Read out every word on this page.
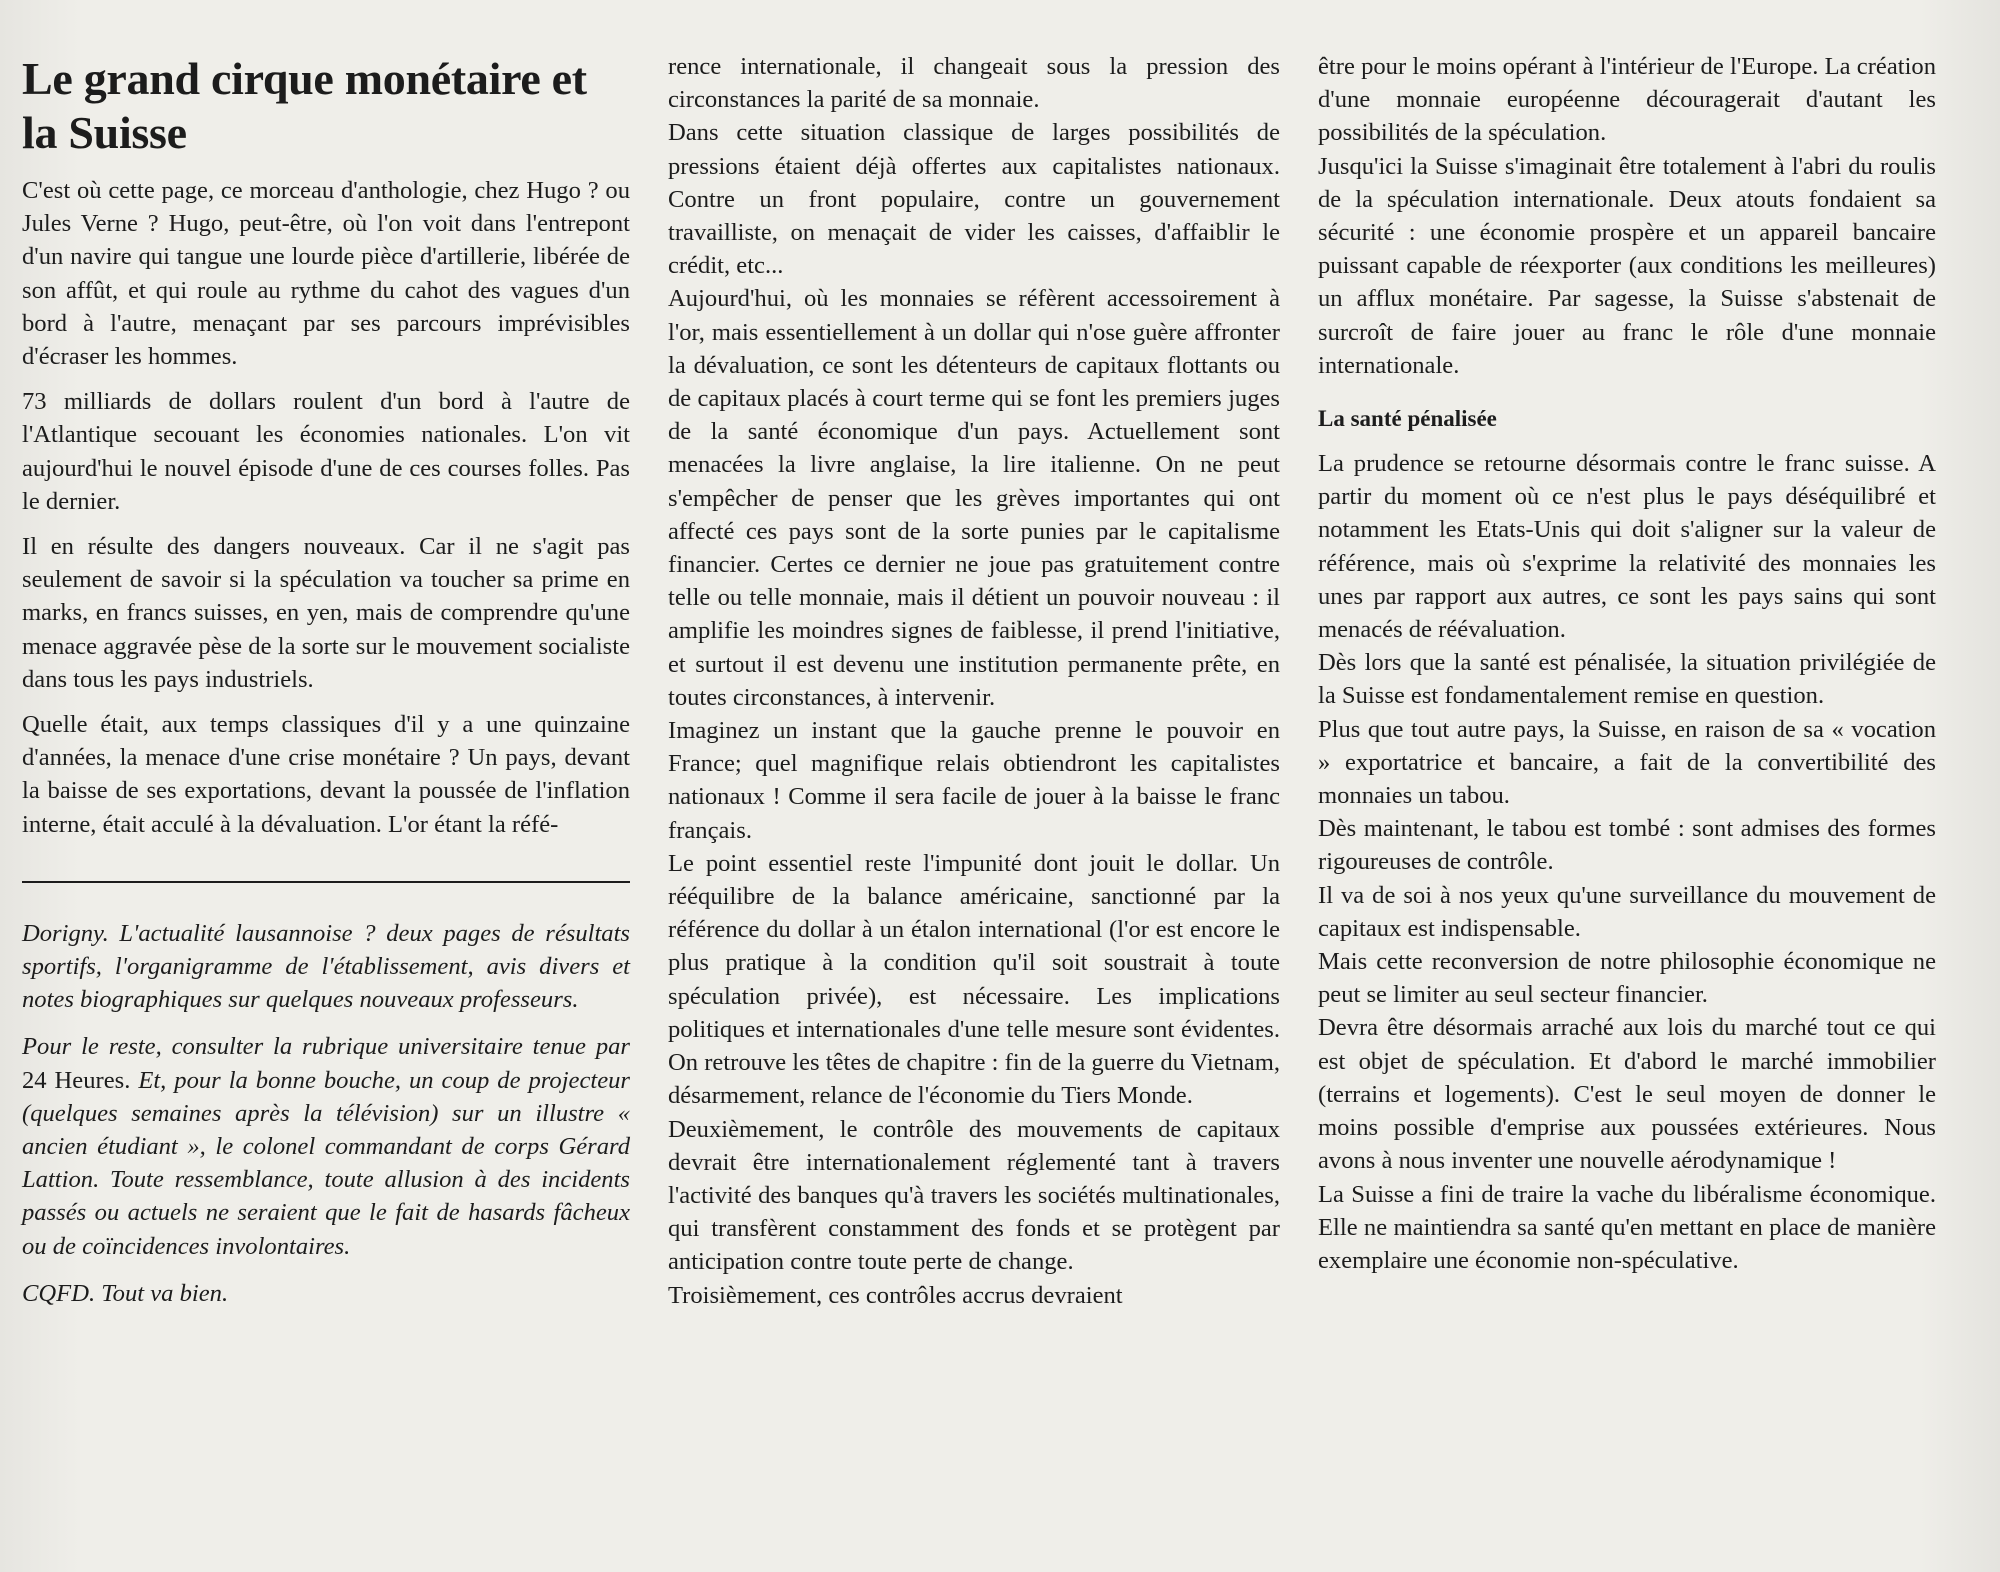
Le grand cirque monétaire et la Suisse

C'est où cette page, ce morceau d'anthologie, chez Hugo ? ou Jules Verne ? Hugo, peut-être, où l'on voit dans l'entrepont d'un navire qui tangue une lourde pièce d'artillerie, libérée de son affût, et qui roule au rythme du cahot des vagues d'un bord à l'autre, menaçant par ses parcours imprévisibles d'écraser les hommes.

73 milliards de dollars roulent d'un bord à l'autre de l'Atlantique secouant les économies nationales. L'on vit aujourd'hui le nouvel épisode d'une de ces courses folles. Pas le dernier.

Il en résulte des dangers nouveaux. Car il ne s'agit pas seulement de savoir si la spéculation va toucher sa prime en marks, en francs suisses, en yen, mais de comprendre qu'une menace aggravée pèse de la sorte sur le mouvement socialiste dans tous les pays industriels.

Quelle était, aux temps classiques d'il y a une quinzaine d'années, la menace d'une crise monétaire ? Un pays, devant la baisse de ses exportations, devant la poussée de l'inflation interne, était acculé à la dévaluation. L'or étant la réfé-

Dorigny. L'actualité lausannoise ? deux pages de résultats sportifs, l'organigramme de l'établissement, avis divers et notes biographiques sur quelques nouveaux professeurs.

Pour le reste, consulter la rubrique universitaire tenue par 24 Heures. Et, pour la bonne bouche, un coup de projecteur (quelques semaines après la télévision) sur un illustre « ancien étudiant », le colonel commandant de corps Gérard Lattion. Toute ressemblance, toute allusion à des incidents passés ou actuels ne seraient que le fait de hasards fâcheux ou de coïncidences involontaires.

CQFD. Tout va bien.

rence internationale, il changeait sous la pression des circonstances la parité de sa monnaie.

Dans cette situation classique de larges possibilités de pressions étaient déjà offertes aux capitalistes nationaux. Contre un front populaire, contre un gouvernement travailliste, on menaçait de vider les caisses, d'affaiblir le crédit, etc...

Aujourd'hui, où les monnaies se réfèrent accessoirement à l'or, mais essentiellement à un dollar qui n'ose guère affronter la dévaluation, ce sont les détenteurs de capitaux flottants ou de capitaux placés à court terme qui se font les premiers juges de la santé économique d'un pays. Actuellement sont menacées la livre anglaise, la lire italienne. On ne peut s'empêcher de penser que les grèves importantes qui ont affecté ces pays sont de la sorte punies par le capitalisme financier. Certes ce dernier ne joue pas gratuitement contre telle ou telle monnaie, mais il détient un pouvoir nouveau : il amplifie les moindres signes de faiblesse, il prend l'initiative, et surtout il est devenu une institution permanente prête, en toutes circonstances, à intervenir.

Imaginez un instant que la gauche prenne le pouvoir en France; quel magnifique relais obtiendront les capitalistes nationaux ! Comme il sera facile de jouer à la baisse le franc français.

Le point essentiel reste l'impunité dont jouit le dollar. Un rééquilibre de la balance américaine, sanctionné par la référence du dollar à un étalon international (l'or est encore le plus pratique à la condition qu'il soit soustrait à toute spéculation privée), est nécessaire. Les implications politiques et internationales d'une telle mesure sont évidentes. On retrouve les têtes de chapitre : fin de la guerre du Vietnam, désarmement, relance de l'économie du Tiers Monde.

Deuxièmement, le contrôle des mouvements de capitaux devrait être internationalement réglementé tant à travers l'activité des banques qu'à travers les sociétés multinationales, qui transfèrent constamment des fonds et se protègent par anticipation contre toute perte de change.

Troisièmement, ces contrôles accrus devraient

être pour le moins opérant à l'intérieur de l'Europe. La création d'une monnaie européenne découragerait d'autant les possibilités de la spéculation.

Jusqu'ici la Suisse s'imaginait être totalement à l'abri du roulis de la spéculation internationale. Deux atouts fondaient sa sécurité : une économie prospère et un appareil bancaire puissant capable de réexporter (aux conditions les meilleures) un afflux monétaire. Par sagesse, la Suisse s'abstenait de surcroît de faire jouer au franc le rôle d'une monnaie internationale.

La santé pénalisée

La prudence se retourne désormais contre le franc suisse. A partir du moment où ce n'est plus le pays déséquilibré et notamment les Etats-Unis qui doit s'aligner sur la valeur de référence, mais où s'exprime la relativité des monnaies les unes par rapport aux autres, ce sont les pays sains qui sont menacés de réévaluation.

Dès lors que la santé est pénalisée, la situation privilégiée de la Suisse est fondamentalement remise en question.

Plus que tout autre pays, la Suisse, en raison de sa « vocation » exportatrice et bancaire, a fait de la convertibilité des monnaies un tabou.

Dès maintenant, le tabou est tombé : sont admises des formes rigoureuses de contrôle.

Il va de soi à nos yeux qu'une surveillance du mouvement de capitaux est indispensable.

Mais cette reconversion de notre philosophie économique ne peut se limiter au seul secteur financier.

Devra être désormais arraché aux lois du marché tout ce qui est objet de spéculation. Et d'abord le marché immobilier (terrains et logements). C'est le seul moyen de donner le moins possible d'emprise aux poussées extérieures. Nous avons à nous inventer une nouvelle aérodynamique !

La Suisse a fini de traire la vache du libéralisme économique. Elle ne maintiendra sa santé qu'en mettant en place de manière exemplaire une économie non-spéculative.
